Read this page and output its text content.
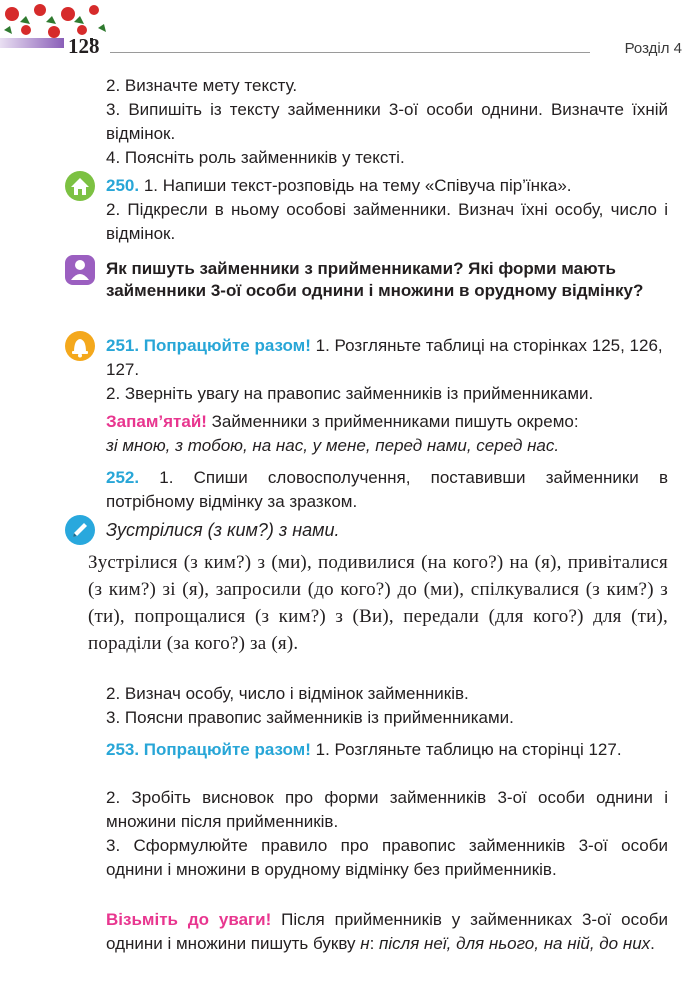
128	Розділ 4
2. Визначте мету тексту.
3. Випишіть із тексту займенники 3-ої особи однини. Визначте їхній відмінок.
4. Поясніть роль займенників у тексті.
250. 1. Напиши текст-розповідь на тему «Співуча пір’їнка».
2. Підкресли в ньому особові займенники. Визнач їхні особу, число і відмінок.
Як пишуть займенники з прийменниками? Які форми мають займенники 3-ої особи однини і множини в орудному відмінку?
251. Попрацюйте разом! 1. Розгляньте таблиці на сторінках 125, 126, 127.
2. Зверніть увагу на правопис займенників із прийменниками.
Запам’ятай! Займенники з прийменниками пишуть окремо:
зі мною, з тобою, на нас, у мене, перед нами, серед нас.
252. 1. Спиши словосполучення, поставивши займенники в потрібному відмінку за зразком.
Зустрілися (з ким?) з нами.
Зустрілися (з ким?) з (ми), подивилися (на кого?) на (я), привіталися (з ким?) зі (я), запросили (до кого?) до (ми), спілкувалися (з ким?) з (ти), попрощалися (з ким?) з (Ви), передали (для кого?) для (ти), пораділи (за кого?) за (я).
2. Визнач особу, число і відмінок займенників.
3. Поясни правопис займенників із прийменниками.
253. Попрацюйте разом! 1. Розгляньте таблицю на сторінці 127.
2. Зробіть висновок про форми займенників 3-ої особи однини і множини після прийменників.
3. Сформулюйте правило про правопис займенників 3-ої особи однини і множини в орудному відмінку без прийменників.
Візьміть до уваги! Після прийменників у займенниках 3-ої особи однини і множини пишуть букву н: після неї, для нього, на ній, до них.
